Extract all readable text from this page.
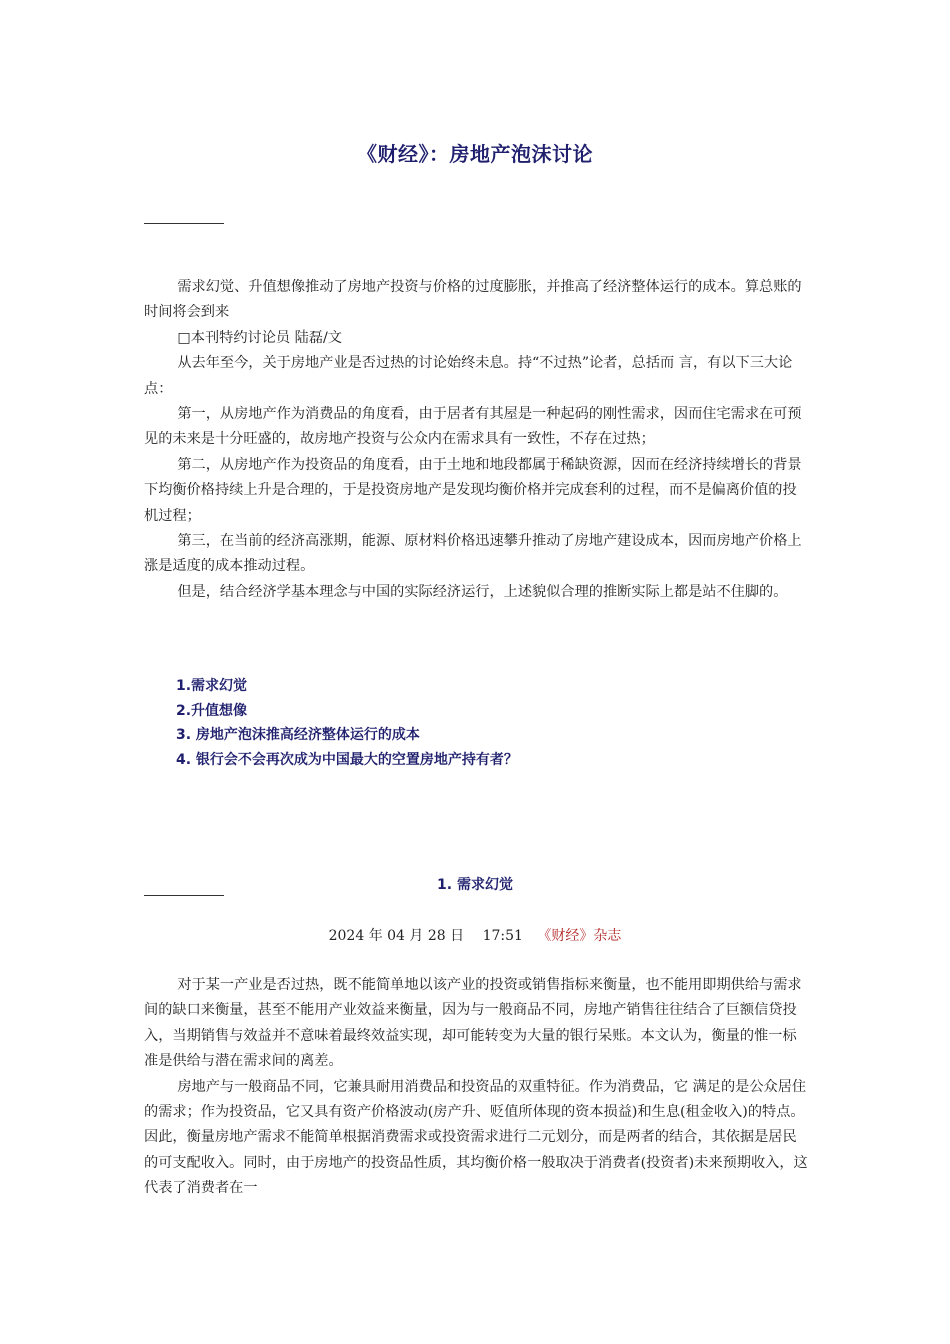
《财经》：房地产泡沫讨论

需求幻觉、升值想像推动了房地产投资与价格的过度膨胀，并推高了经济整体运行的成本。算总账的时间将会到来

□本刊特约讨论员 陆磊/文

从去年至今，关于房地产业是否过热的讨论始终未息。持“不过热”论者，总括而 言，有以下三大论点：

第一，从房地产作为消费品的角度看，由于居者有其屋是一种起码的刚性需求，因而住宅需求在可预见的未来是十分旺盛的，故房地产投资与公众内在需求具有一致性，不存在过热；

第二，从房地产作为投资品的角度看，由于土地和地段都属于稀缺资源，因而在经济持续增长的背景下均衡价格持续上升是合理的，于是投资房地产是发现均衡价格并完成套利的过程，而不是偏离价值的投机过程；

第三，在当前的经济高涨期，能源、原材料价格迅速攀升推动了房地产建设成本，因而房地产价格上涨是适度的成本推动过程。

但是，结合经济学基本理念与中国的实际经济运行，上述貌似合理的推断实际上都是站不住脚的。

1.需求幻觉
2.升值想像
3. 房地产泡沫推高经济整体运行的成本
4. 银行会不会再次成为中国最大的空置房地产持有者？
1. 需求幻觉
2024 年 04 月 28 日 17:51 《财经》杂志

对于某一产业是否过热，既不能简单地以该产业的投资或销售指标来衡量，也不能用即期供给与需求间的缺口来衡量，甚至不能用产业效益来衡量，因为与一般商品不同，房地产销售往往结合了巨额信贷投入，当期销售与效益并不意味着最终效益实现，却可能转变为大量的银行呆账。本文认为，衡量的惟一标准是供给与潜在需求间的离差。

房地产与一般商品不同，它兼具耐用消费品和投资品的双重特征。作为消费品，它 满足的是公众居住的需求；作为投资品，它又具有资产价格波动(房产升、贬值所体现的资本损益)和生息(租金收入)的特点。因此，衡量房地产需求不能简单根据消费需求或投资需求进行二元划分，而是两者的结合，其依据是居民的可支配收入。同时，由于房地产的投资品性质，其均衡价格一般取决于消费者(投资者)未来预期收入，这代表了消费者在一
